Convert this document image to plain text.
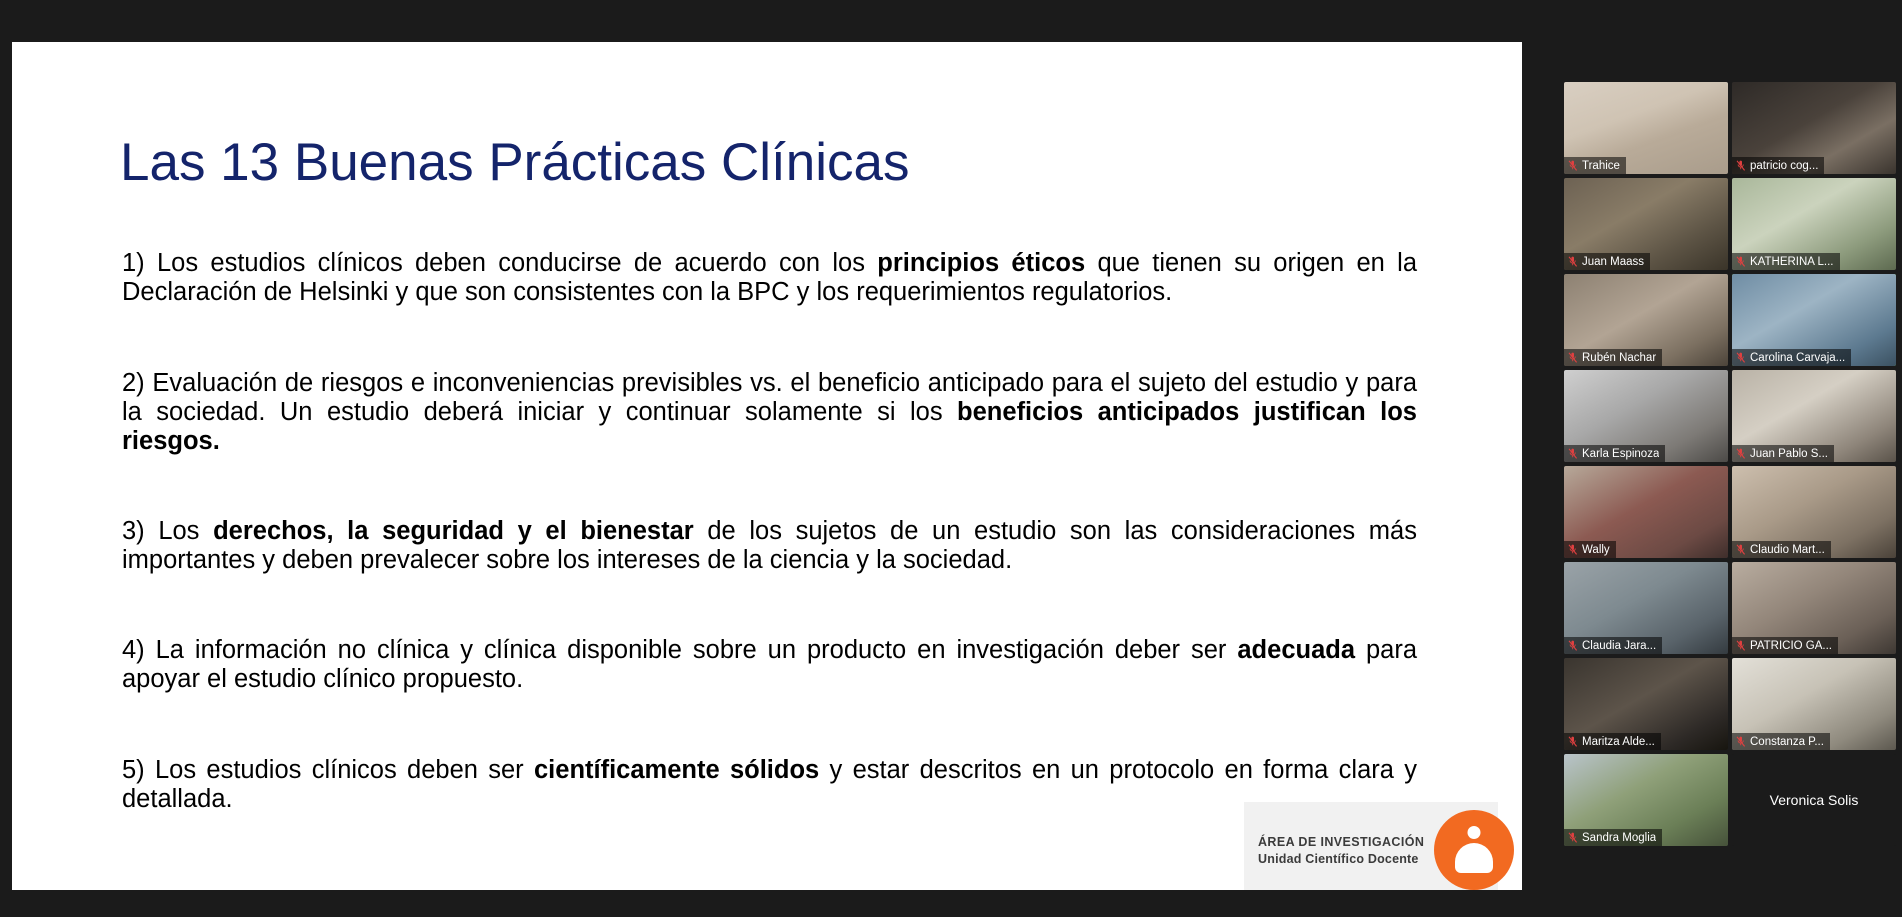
Las 13 Buenas Prácticas Clínicas
1) Los estudios clínicos deben conducirse de acuerdo con los principios éticos que tienen su origen en la Declaración de Helsinki y que son consistentes con la BPC y los requerimientos regulatorios.
2) Evaluación de riesgos e inconveniencias previsibles vs. el beneficio anticipado para el sujeto del estudio y para la sociedad. Un estudio deberá iniciar y continuar solamente si los beneficios anticipados justifican los riesgos.
3) Los derechos, la seguridad y el bienestar de los sujetos de un estudio son las consideraciones más importantes y deben prevalecer sobre los intereses de la ciencia y la sociedad.
4) La información no clínica y clínica disponible sobre un producto en investigación deber ser adecuada para apoyar el estudio clínico propuesto.
5) Los estudios clínicos deben ser científicamente sólidos y estar descritos en un protocolo en forma clara y detallada.
ÁREA DE INVESTIGACIÓN
Unidad Científico Docente
Trahice	patricio cog...
Juan Maass	KATHERINA L...
Rubén Nachar	Carolina Carvaja...
Karla Espinoza	Juan Pablo S...
Wally	Claudio Mart...
Claudia Jara...	PATRICIO GA...
Maritza Alde...	Constanza P...
Sandra Moglia
Veronica Solis
